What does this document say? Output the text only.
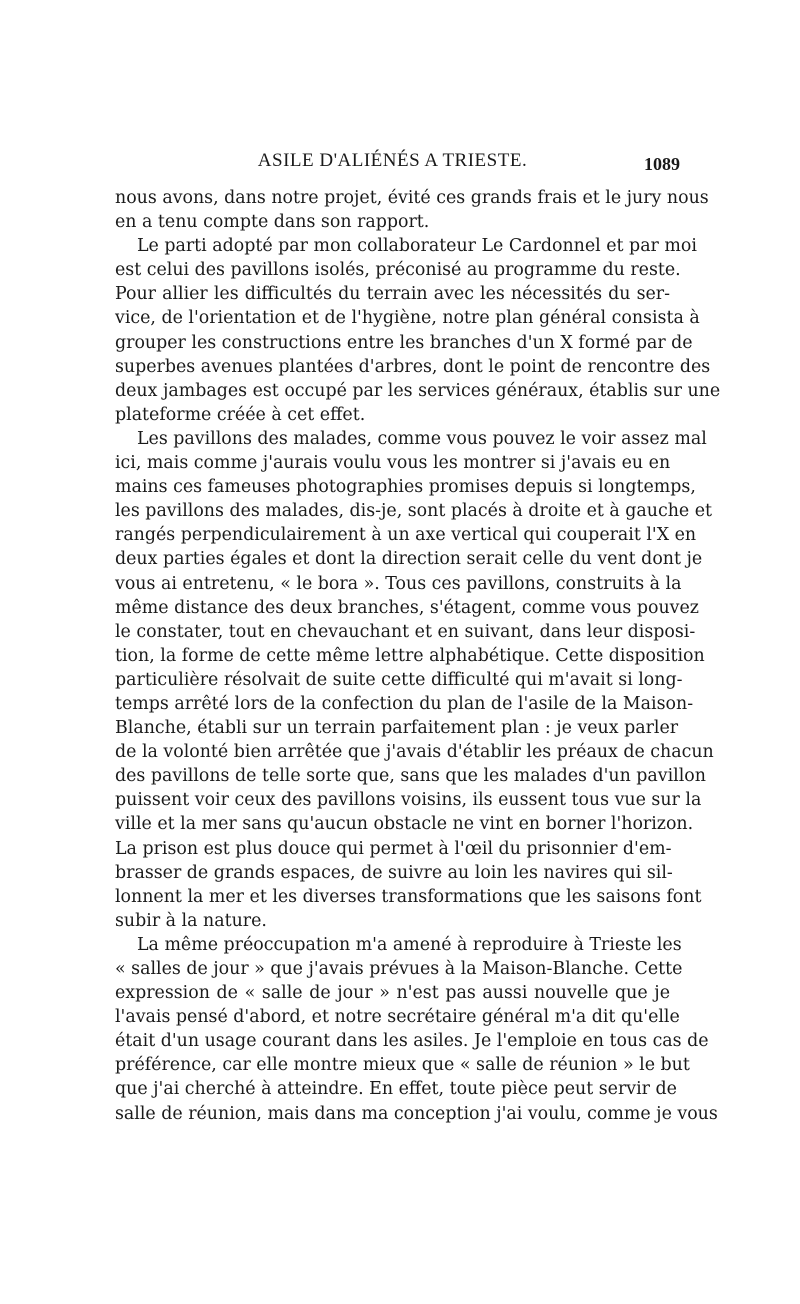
ASILE D'ALIÉNÉS A TRIESTE.	1089
nous avons, dans notre projet, évité ces grands frais et le jury nous
en a tenu compte dans son rapport.
Le parti adopté par mon collaborateur Le Cardonnel et par moi
est celui des pavillons isolés, préconisé au programme du reste.
Pour allier les difficultés du terrain avec les nécessités du ser-
vice, de l'orientation et de l'hygiène, notre plan général consista à
grouper les constructions entre les branches d'un X formé par de
superbes avenues plantées d'arbres, dont le point de rencontre des
deux jambages est occupé par les services généraux, établis sur une
plateforme créée à cet effet.
Les pavillons des malades, comme vous pouvez le voir assez mal
ici, mais comme j'aurais voulu vous les montrer si j'avais eu en
mains ces fameuses photographies promises depuis si longtemps,
les pavillons des malades, dis-je, sont placés à droite et à gauche et
rangés perpendiculairement à un axe vertical qui couperait l'X en
deux parties égales et dont la direction serait celle du vent dont je
vous ai entretenu, « le bora ». Tous ces pavillons, construits à la
même distance des deux branches, s'étagent, comme vous pouvez
le constater, tout en chevauchant et en suivant, dans leur disposi-
tion, la forme de cette même lettre alphabétique. Cette disposition
particulière résolvait de suite cette difficulté qui m'avait si long-
temps arrêté lors de la confection du plan de l'asile de la Maison-
Blanche, établi sur un terrain parfaitement plan : je veux parler
de la volonté bien arrêtée que j'avais d'établir les préaux de chacun
des pavillons de telle sorte que, sans que les malades d'un pavillon
puissent voir ceux des pavillons voisins, ils eussent tous vue sur la
ville et la mer sans qu'aucun obstacle ne vint en borner l'horizon.
La prison est plus douce qui permet à l'œil du prisonnier d'em-
brasser de grands espaces, de suivre au loin les navires qui sil-
lonnent la mer et les diverses transformations que les saisons font
subir à la nature.
La même préoccupation m'a amené à reproduire à Trieste les
« salles de jour » que j'avais prévues à la Maison-Blanche. Cette
expression de « salle de jour » n'est pas aussi nouvelle que je
l'avais pensé d'abord, et notre secrétaire général m'a dit qu'elle
était d'un usage courant dans les asiles. Je l'emploie en tous cas de
préférence, car elle montre mieux que « salle de réunion » le but
que j'ai cherché à atteindre. En effet, toute pièce peut servir de
salle de réunion, mais dans ma conception j'ai voulu, comme je vous
